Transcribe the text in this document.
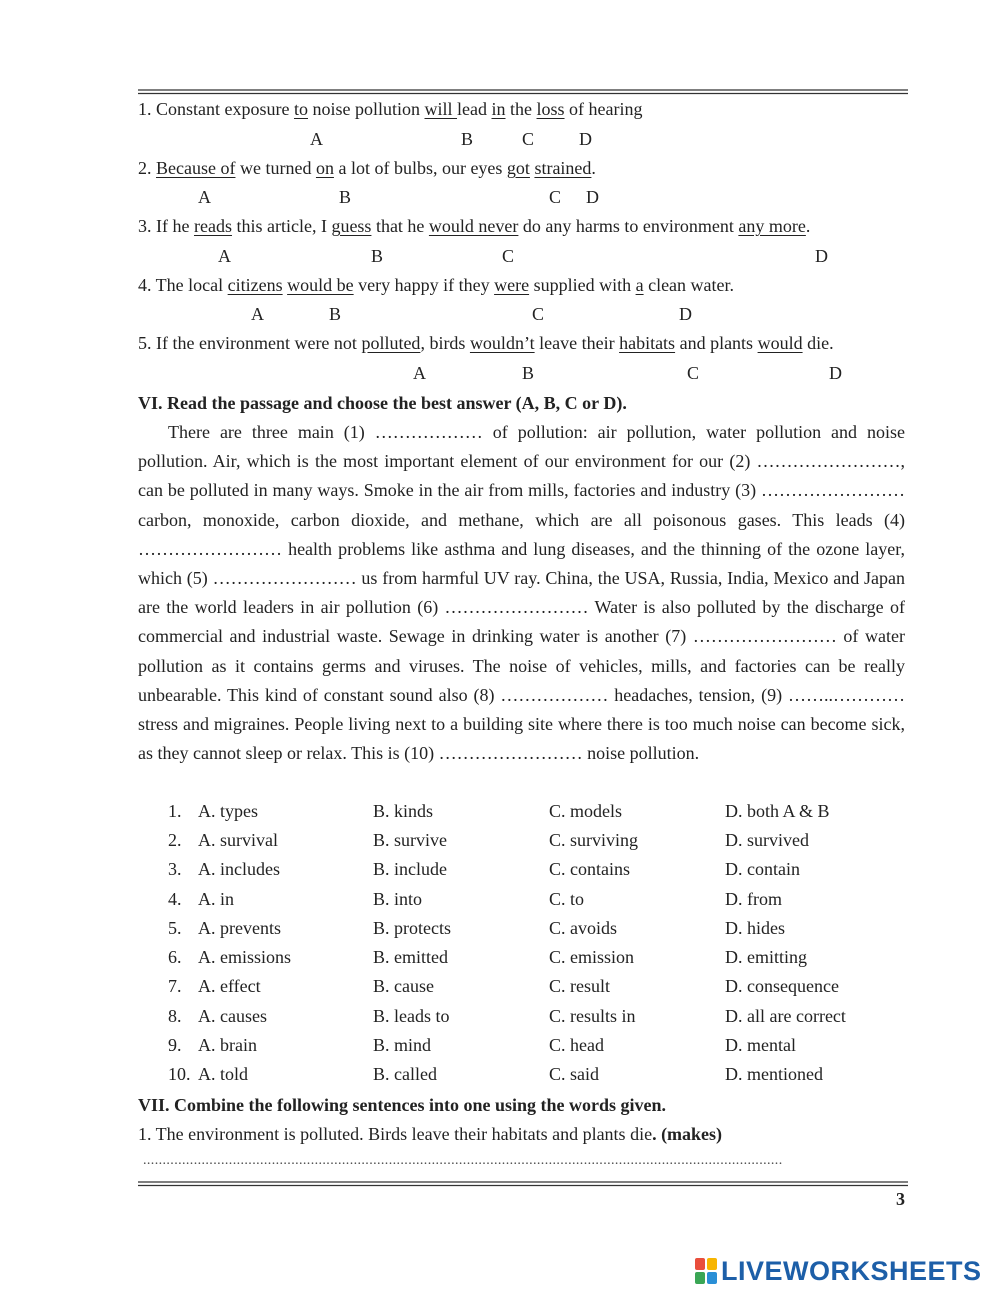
1. Constant exposure to noise pollution will lead in the loss of hearing
A	B	C D
2. Because of we turned on a lot of bulbs, our eyes got strained.
A	B	C D
3. If he reads this article, I guess that he would never do any harms to environment any more.
A	B	C	D
4. The local citizens would be very happy if they were supplied with a clean water.
A	B	C	D
5. If the environment were not polluted, birds wouldn’t leave their habitats and plants would die.
A	B	C	D
VI. Read the passage and choose the best answer (A, B, C or D).

There are three main (1) ……………… of pollution: air pollution, water pollution and noise pollution. Air, which is the most important element of our environment for our (2) ……………………, can be polluted in many ways. Smoke in the air from mills, factories and industry (3) …………………… carbon, monoxide, carbon dioxide, and methane, which are all poisonous gases. This leads (4) …………………… health problems like asthma and lung diseases, and the thinning of the ozone layer, which (5) …………………… us from harmful UV ray. China, the USA, Russia, India, Mexico and Japan are the world leaders in air pollution (6) …………………… Water is also polluted by the discharge of commercial and industrial waste. Sewage in drinking water is another (7) …………………… of water pollution as it contains germs and viruses. The noise of vehicles, mills, and factories can be really unbearable. This kind of constant sound also (8) ……………… headaches, tension, (9) ……..………… stress and migraines. People living next to a building site where there is too much noise can become sick, as they cannot sleep or relax. This is (10) …………………… noise pollution.

1. A. types	B. kinds	C. models	D. both A & B
2. A. survival	B. survive	C. surviving	D. survived
3. A. includes	B. include	C. contains	D. contain
4. A. in	B. into	C. to	D. from
5. A. prevents	B. protects	C. avoids	D. hides
6. A. emissions	B. emitted	C. emission	D. emitting
7. A. effect	B. cause	C. result	D. consequence
8. A. causes	B. leads to	C. results in	D. all are correct
9. A. brain	B. mind	C. head	D. mental
10. A. told	B. called	C. said	D. mentioned
VII. Combine the following sentences into one using the words given.
1. The environment is polluted. Birds leave their habitats and plants die. (makes)
....................................................................................................................................................................
3
LIVEWORKSHEETS
